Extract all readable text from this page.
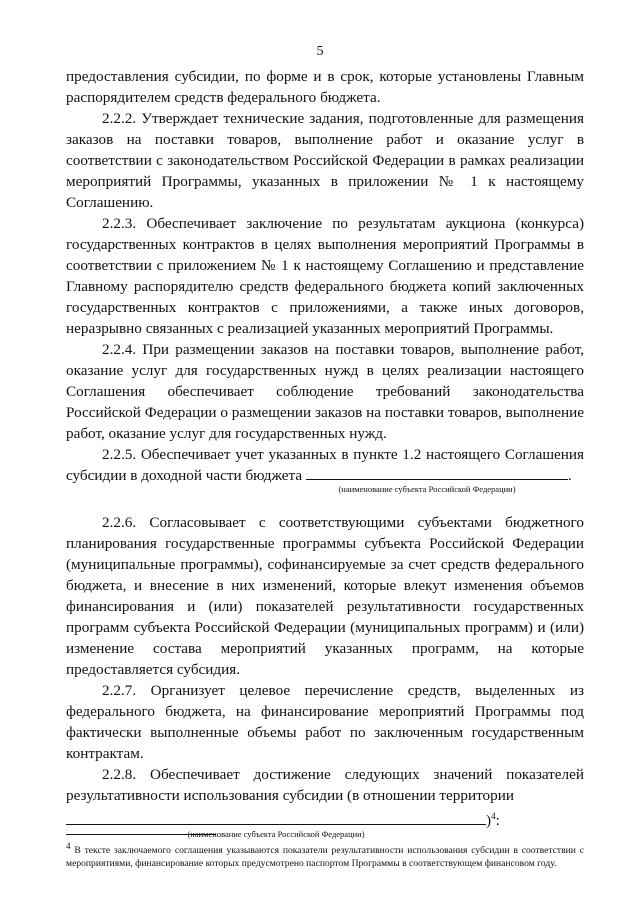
5

предоставления субсидии, по форме и в срок, которые установлены Главным распорядителем средств федерального бюджета.

2.2.2. Утверждает технические задания, подготовленные для размещения заказов на поставки товаров, выполнение работ и оказание услуг в соответствии с законодательством Российской Федерации в рамках реализации мероприятий Программы, указанных в приложении № 1 к настоящему Соглашению.

2.2.3. Обеспечивает заключение по результатам аукциона (конкурса) государственных контрактов в целях выполнения мероприятий Программы в соответствии с приложением № 1 к настоящему Соглашению и представление Главному распорядителю средств федерального бюджета копий заключенных государственных контрактов с приложениями, а также иных договоров, неразрывно связанных с реализацией указанных мероприятий Программы.

2.2.4. При размещении заказов на поставки товаров, выполнение работ, оказание услуг для государственных нужд в целях реализации настоящего Соглашения обеспечивает соблюдение требований законодательства Российской Федерации о размещении заказов на поставки товаров, выполнение работ, оказание услуг для государственных нужд.

2.2.5. Обеспечивает учет указанных в пункте 1.2 настоящего Соглашения субсидии в доходной части бюджета	.

(наименование субъекта Российской Федерации)

2.2.6. Согласовывает с соответствующими субъектами бюджетного планирования государственные программы субъекта Российской Федерации (муниципальные программы), софинансируемые за счет средств федерального бюджета, и внесение в них изменений, которые влекут изменения объемов финансирования и (или) показателей результативности государственных программ субъекта Российской Федерации (муниципальных программ) и (или) изменение состава мероприятий указанных программ, на которые предоставляется субсидия.

2.2.7. Организует целевое перечисление средств, выделенных из федерального бюджета, на финансирование мероприятий Программы под фактически выполненные объемы работ по заключенным государственным контрактам.

2.2.8. Обеспечивает достижение следующих значений показателей результативности использования субсидии (в отношении территории

)$^4$:

(наименование субъекта Российской Федерации)
$^4$ В тексте заключаемого соглашения указываются показатели результативности использования субсидии в соответствии с мероприятиями, финансирование которых предусмотрено паспортом Программы в соответствующем финансовом году.
